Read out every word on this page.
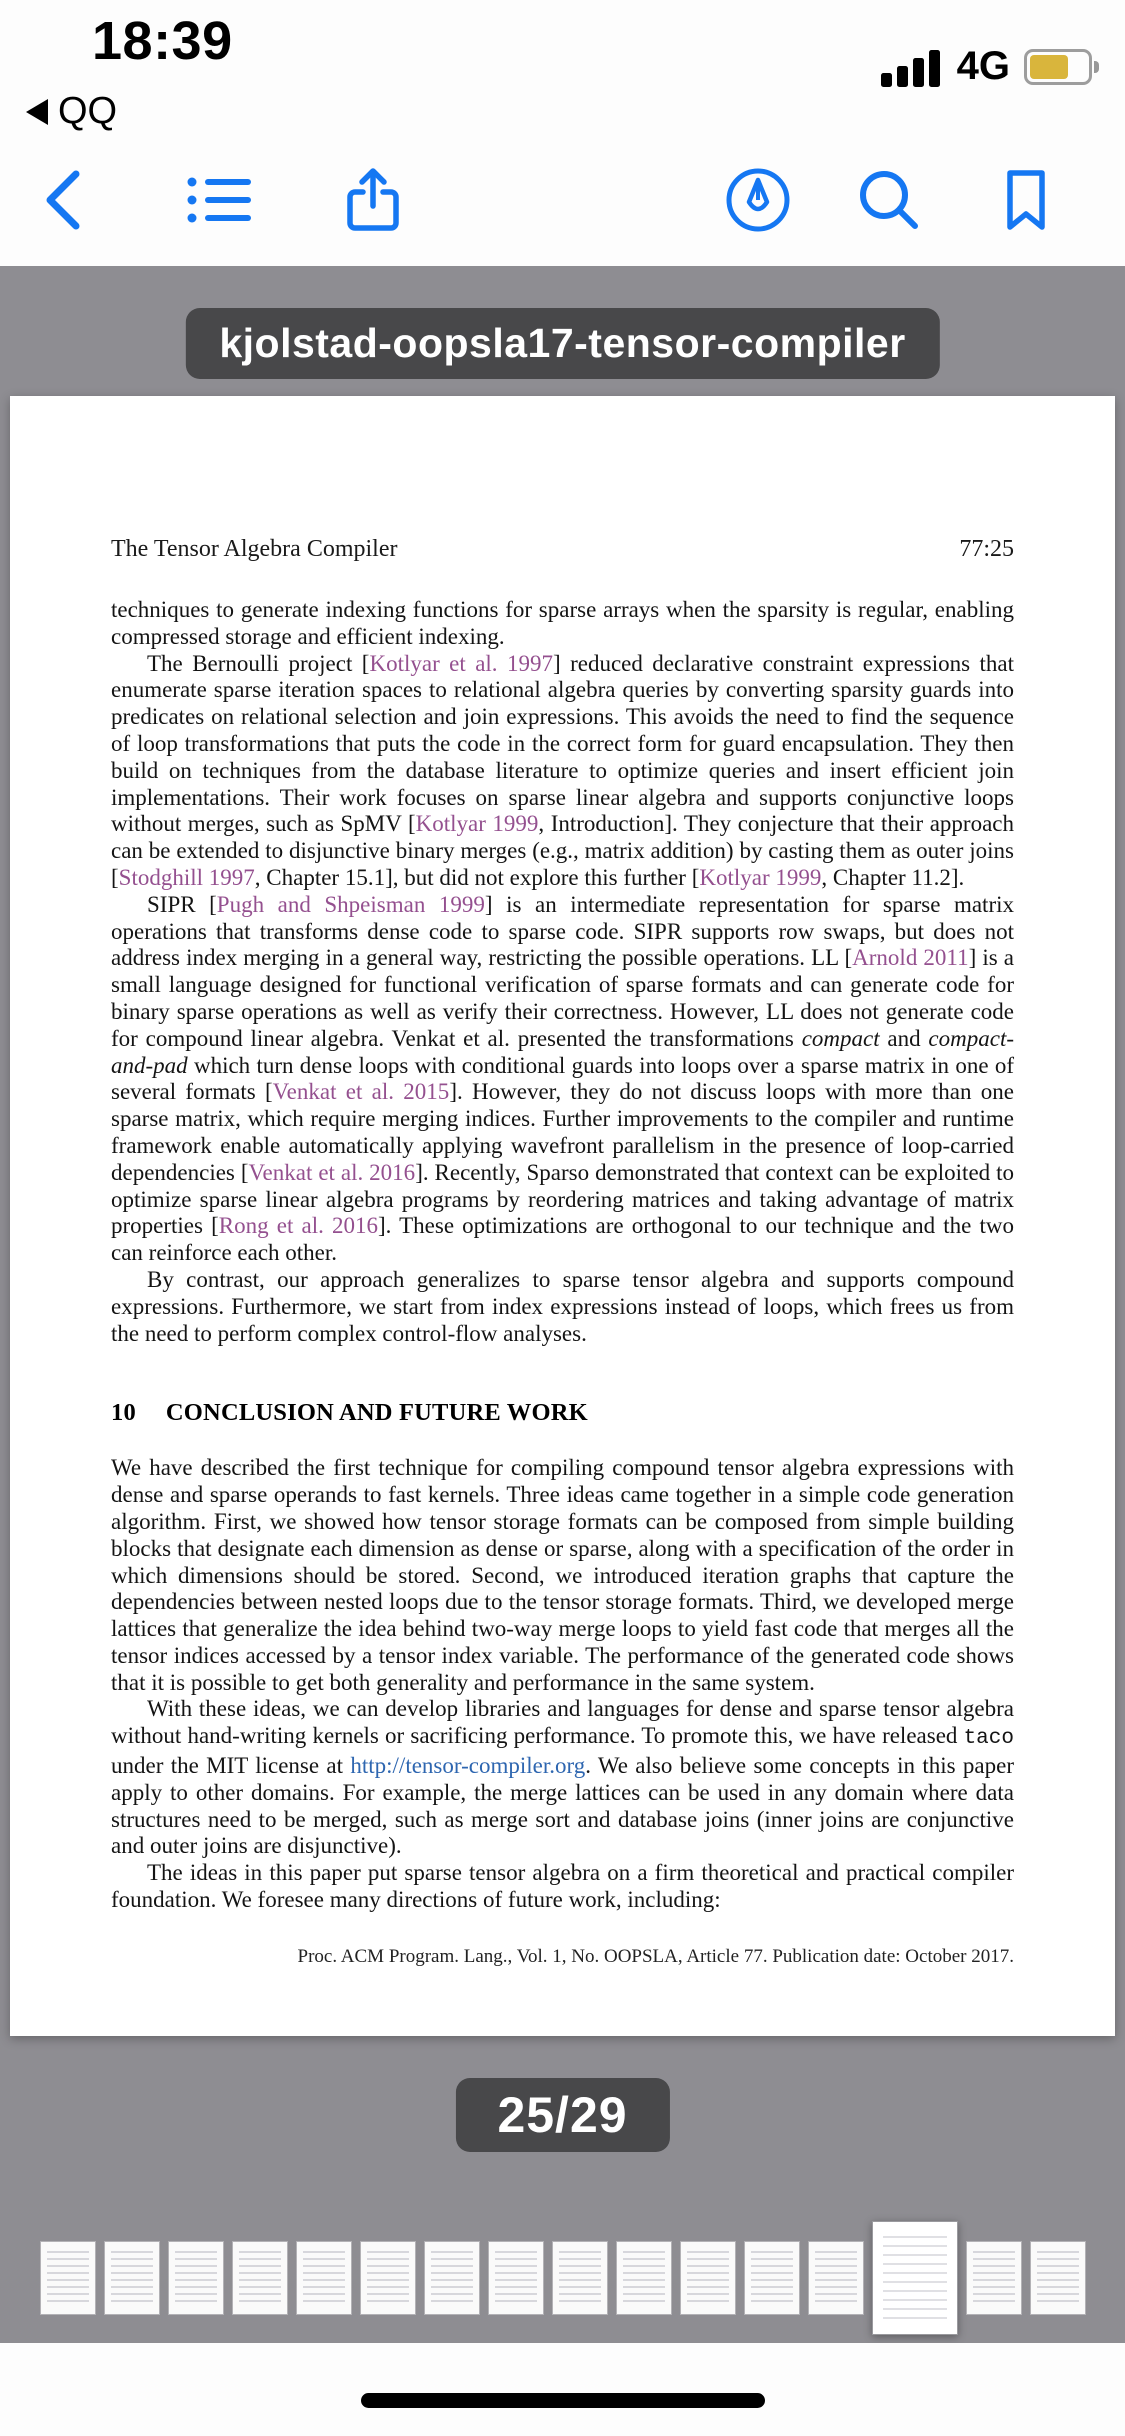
18:39
QQ
4G
kjolstad-oopsla17-tensor-compiler
The Tensor Algebra Compiler	77:25

techniques to generate indexing functions for sparse arrays when the sparsity is regular, enabling compressed storage and efficient indexing.

The Bernoulli project [Kotlyar et al. 1997] reduced declarative constraint expressions that enumerate sparse iteration spaces to relational algebra queries by converting sparsity guards into predicates on relational selection and join expressions. This avoids the need to find the sequence of loop transformations that puts the code in the correct form for guard encapsulation. They then build on techniques from the database literature to optimize queries and insert efficient join implementations. Their work focuses on sparse linear algebra and supports conjunctive loops without merges, such as SpMV [Kotlyar 1999, Introduction]. They conjecture that their approach can be extended to disjunctive binary merges (e.g., matrix addition) by casting them as outer joins [Stodghill 1997, Chapter 15.1], but did not explore this further [Kotlyar 1999, Chapter 11.2].

SIPR [Pugh and Shpeisman 1999] is an intermediate representation for sparse matrix operations that transforms dense code to sparse code. SIPR supports row swaps, but does not address index merging in a general way, restricting the possible operations. LL [Arnold 2011] is a small language designed for functional verification of sparse formats and can generate code for binary sparse operations as well as verify their correctness. However, LL does not generate code for compound linear algebra. Venkat et al. presented the transformations compact and compact-and-pad which turn dense loops with conditional guards into loops over a sparse matrix in one of several formats [Venkat et al. 2015]. However, they do not discuss loops with more than one sparse matrix, which require merging indices. Further improvements to the compiler and runtime framework enable automatically applying wavefront parallelism in the presence of loop-carried dependencies [Venkat et al. 2016]. Recently, Sparso demonstrated that context can be exploited to optimize sparse linear algebra programs by reordering matrices and taking advantage of matrix properties [Rong et al. 2016]. These optimizations are orthogonal to our technique and the two can reinforce each other.

By contrast, our approach generalizes to sparse tensor algebra and supports compound expressions. Furthermore, we start from index expressions instead of loops, which frees us from the need to perform complex control-flow analyses.

10 CONCLUSION AND FUTURE WORK

We have described the first technique for compiling compound tensor algebra expressions with dense and sparse operands to fast kernels. Three ideas came together in a simple code generation algorithm. First, we showed how tensor storage formats can be composed from simple building blocks that designate each dimension as dense or sparse, along with a specification of the order in which dimensions should be stored. Second, we introduced iteration graphs that capture the dependencies between nested loops due to the tensor storage formats. Third, we developed merge lattices that generalize the idea behind two-way merge loops to yield fast code that merges all the tensor indices accessed by a tensor index variable. The performance of the generated code shows that it is possible to get both generality and performance in the same system.

With these ideas, we can develop libraries and languages for dense and sparse tensor algebra without hand-writing kernels or sacrificing performance. To promote this, we have released taco under the MIT license at http://tensor-compiler.org. We also believe some concepts in this paper apply to other domains. For example, the merge lattices can be used in any domain where data structures need to be merged, such as merge sort and database joins (inner joins are conjunctive and outer joins are disjunctive).

The ideas in this paper put sparse tensor algebra on a firm theoretical and practical compiler foundation. We foresee many directions of future work, including:

Proc. ACM Program. Lang., Vol. 1, No. OOPSLA, Article 77. Publication date: October 2017.
25/29
